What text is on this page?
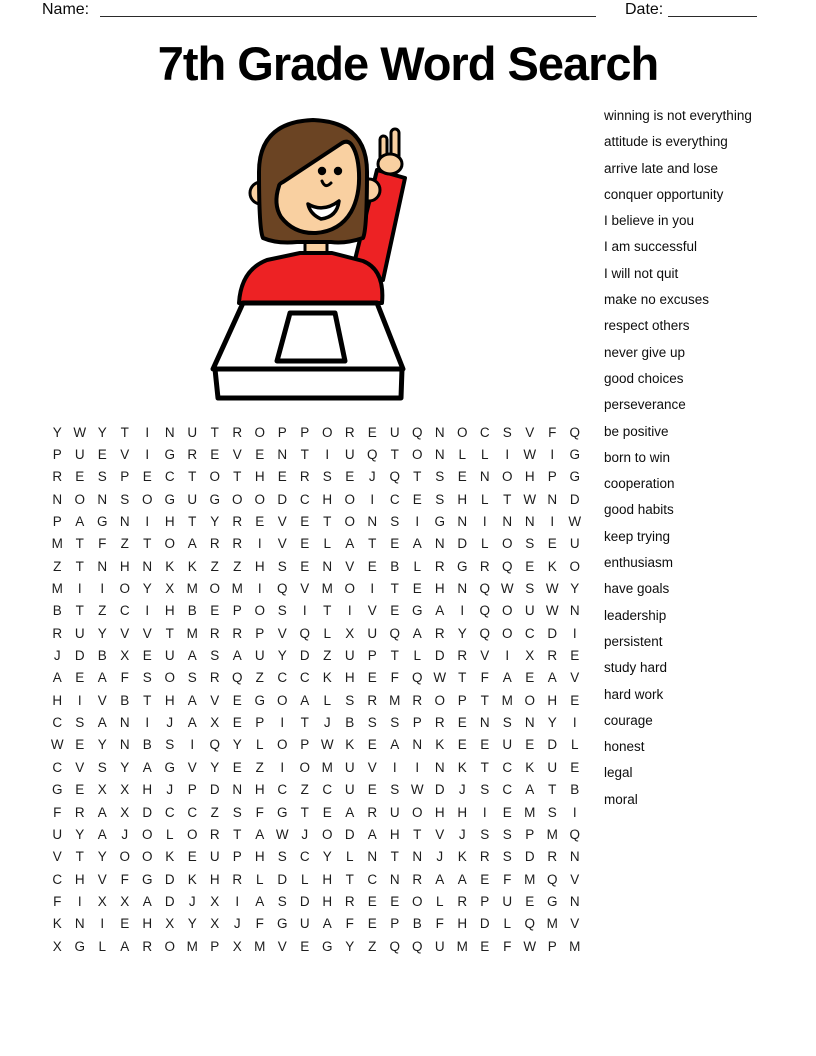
Name:	Date:
7th Grade Word Search
Y W Y	T	I	N U	T	R O P P O R E U Q N O C S V	F Q
P U E V	I	G R E V E N	T	I	U Q T O N	L	L	I	W	I	G
R E S P E C	T O T	H E R S E	J	Q T	S E N O H P G
N O N S O G U G O O D C H O	I	C E S H	L	T W N D
P A G N	I	H	T	Y R E V E	T O N S	I	G N	I	N N	I	W
M T	F	Z	T O A R R	I	V E	L	A	T	E A N D	L O S E U
Z	T	N H N K K	Z	Z	H S E N V E B	L	R G R Q E K O
M	I	I	O Y X M O M	I	Q V M O	I	T	E H N Q W S W Y
B	T	Z	C	I	H B E P O S	I	T	I	V E G A	I	Q O U W N
R U Y V V	T M R R P V Q L	X U Q A R Y Q O C D	I
J	D B X E U A S A U Y D	Z	U P	T	L	D R V	I	X R E
A E A	F	S O S R Q Z	C C K H E	F Q W T	F	A E A V
H	I	V B	T	H A V E G O A	L	S R M R O P	T M O H E
C S A N	I	J	A X E P	I	T	J	B S S P R E N S N Y	I
W E Y N B S	I	Q Y	L O P W K E A N K E E U E D	L
C V S Y A G V Y E	Z	I	O M U V	I	I	N K	T	C K U E
G E X X H	J	P D N H C	Z	C U E S W D	J	S C A	T	B
F	R A X D C C	Z	S	F G T	E A R U O H H	I	E M S	I
U Y A	J	O L O R	T	A W J	O D A H	T	V	J	S S P M Q
V	T	Y O O K E U P H S C Y	L	N	T	N	J	K R S D R N
C H V	F G D K H R	L	D	L	H	T	C N R A A E	F M Q V
F	I	X X A D	J	X	I	A S D H R E E O L	R P U E G N
K N	I	E H X Y X	J	F G U A	F	E P B	F	H D	L Q M V
X G L	A R O M P X M V E G Y	Z Q Q U M E	F W P M
winning is not everything
attitude is everything
arrive late and lose
conquer opportunity
I believe in you
I am successful
I will not quit
make no excuses
respect others
never give up
good choices
perseverance
be positive
born to win
cooperation
good habits
keep trying
enthusiasm
have goals
leadership
persistent
study hard
hard work
courage
honest
legal
moral
